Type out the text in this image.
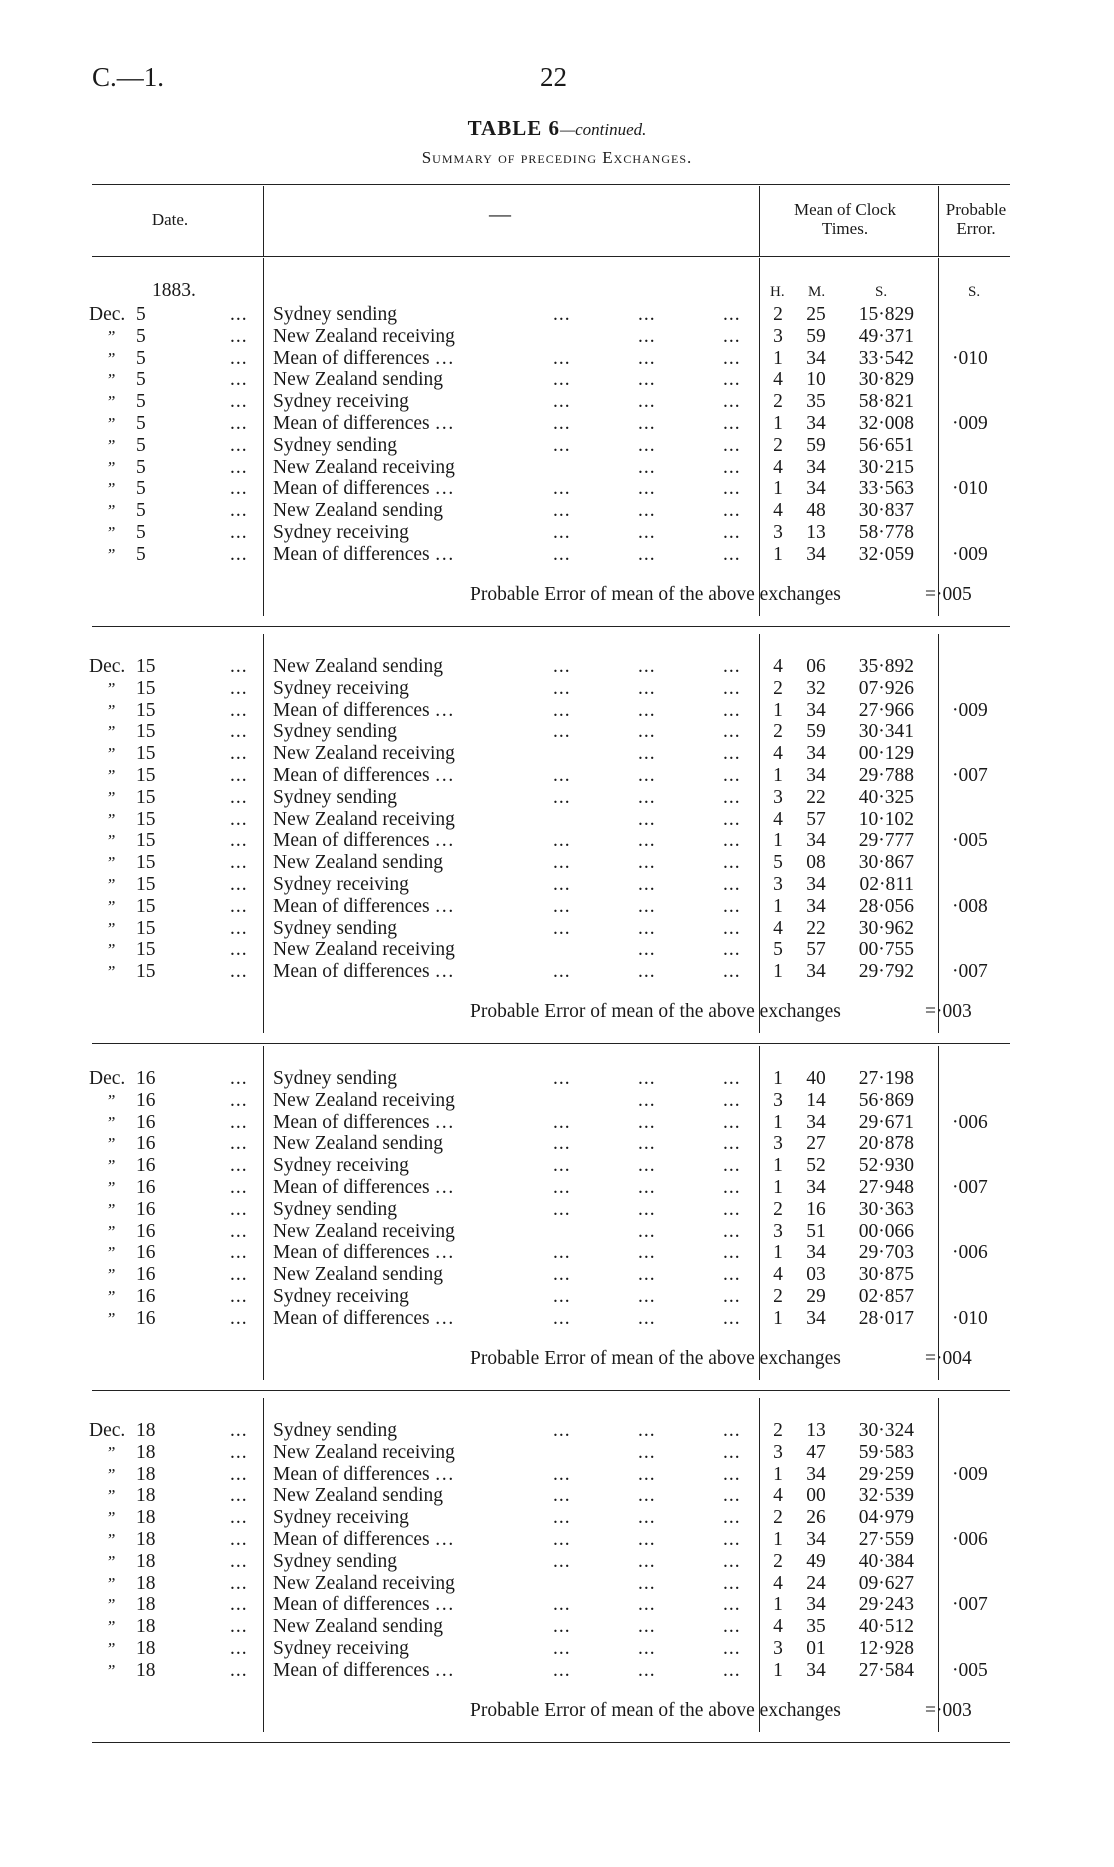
C.—1.	22
TABLE 6—continued.
Summary of preceding Exchanges.
Date.	—	Mean of Clock Times.
Probable Error.
1883.	H. M.	S.	S.
Dec. 5	... Sydney sending	...	...	... 2 25	15·829
” 5	... New Zealand receiving	...	... 3 59	49·371
” 5	... Mean of differences …	...	...	... 1 34	33·542 ·010
” 5	... New Zealand sending	...	...	... 4 10	30·829
” 5	... Sydney receiving	...	...	... 2 35	58·821
” 5	... Mean of differences …	...	...	... 1 34	32·008 ·009
” 5	... Sydney sending	...	...	... 2 59	56·651
” 5	... New Zealand receiving	...	... 4 34	30·215
” 5	... Mean of differences …	...	...	... 1 34	33·563 ·010
” 5	... New Zealand sending	...	...	... 4 48	30·837
” 5	... Sydney receiving	...	...	... 3 13	58·778
” 5	... Mean of differences …	...	...	... 1 34	32·059 ·009
Probable Error of mean of the above exchanges	=·005
Dec. 15	... New Zealand sending	...	...	... 4 06	35·892
” 15	... Sydney receiving	...	...	... 2 32	07·926
” 15	... Mean of differences …	...	...	... 1 34	27·966 ·009
” 15	... Sydney sending	...	...	... 2 59	30·341
” 15	... New Zealand receiving	...	... 4 34	00·129
” 15	... Mean of differences …	...	...	... 1 34	29·788 ·007
” 15	... Sydney sending	...	...	... 3 22	40·325
” 15	... New Zealand receiving	...	... 4 57	10·102
” 15	... Mean of differences …	...	...	... 1 34	29·777 ·005
” 15	... New Zealand sending	...	...	... 5 08	30·867
” 15	... Sydney receiving	...	...	... 3 34	02·811
” 15	... Mean of differences …	...	...	... 1 34	28·056 ·008
” 15	... Sydney sending	...	...	... 4 22	30·962
” 15	... New Zealand receiving	...	... 5 57	00·755
” 15	... Mean of differences …	...	...	... 1 34	29·792 ·007
Probable Error of mean of the above exchanges	=·003
Dec. 16	... Sydney sending	...	...	... 1 40	27·198
” 16	... New Zealand receiving	...	... 3 14	56·869
” 16	... Mean of differences …	...	...	... 1 34	29·671 ·006
” 16	... New Zealand sending	...	...	... 3 27	20·878
” 16	... Sydney receiving	...	...	... 1 52	52·930
” 16	... Mean of differences …	...	...	... 1 34	27·948 ·007
” 16	... Sydney sending	...	...	... 2 16	30·363
” 16	... New Zealand receiving	...	... 3 51	00·066
” 16	... Mean of differences …	...	...	... 1 34	29·703 ·006
” 16	... New Zealand sending	...	...	... 4 03	30·875
” 16	... Sydney receiving	...	...	... 2 29	02·857
” 16	... Mean of differences …	...	...	... 1 34	28·017 ·010
Probable Error of mean of the above exchanges	=·004
Dec. 18	... Sydney sending	...	...	... 2 13	30·324
” 18	... New Zealand receiving	...	... 3 47	59·583
” 18	... Mean of differences …	...	...	... 1 34	29·259 ·009
” 18	... New Zealand sending	...	...	... 4 00	32·539
” 18	... Sydney receiving	...	...	... 2 26	04·979
” 18	... Mean of differences …	...	...	... 1 34	27·559 ·006
” 18	... Sydney sending	...	...	... 2 49	40·384
” 18	... New Zealand receiving	...	... 4 24	09·627
” 18	... Mean of differences …	...	...	... 1 34	29·243 ·007
” 18	... New Zealand sending	...	...	... 4 35	40·512
” 18	... Sydney receiving	...	...	... 3 01	12·928
” 18	... Mean of differences …	...	...	... 1 34	27·584 ·005
Probable Error of mean of the above exchanges	=·003
